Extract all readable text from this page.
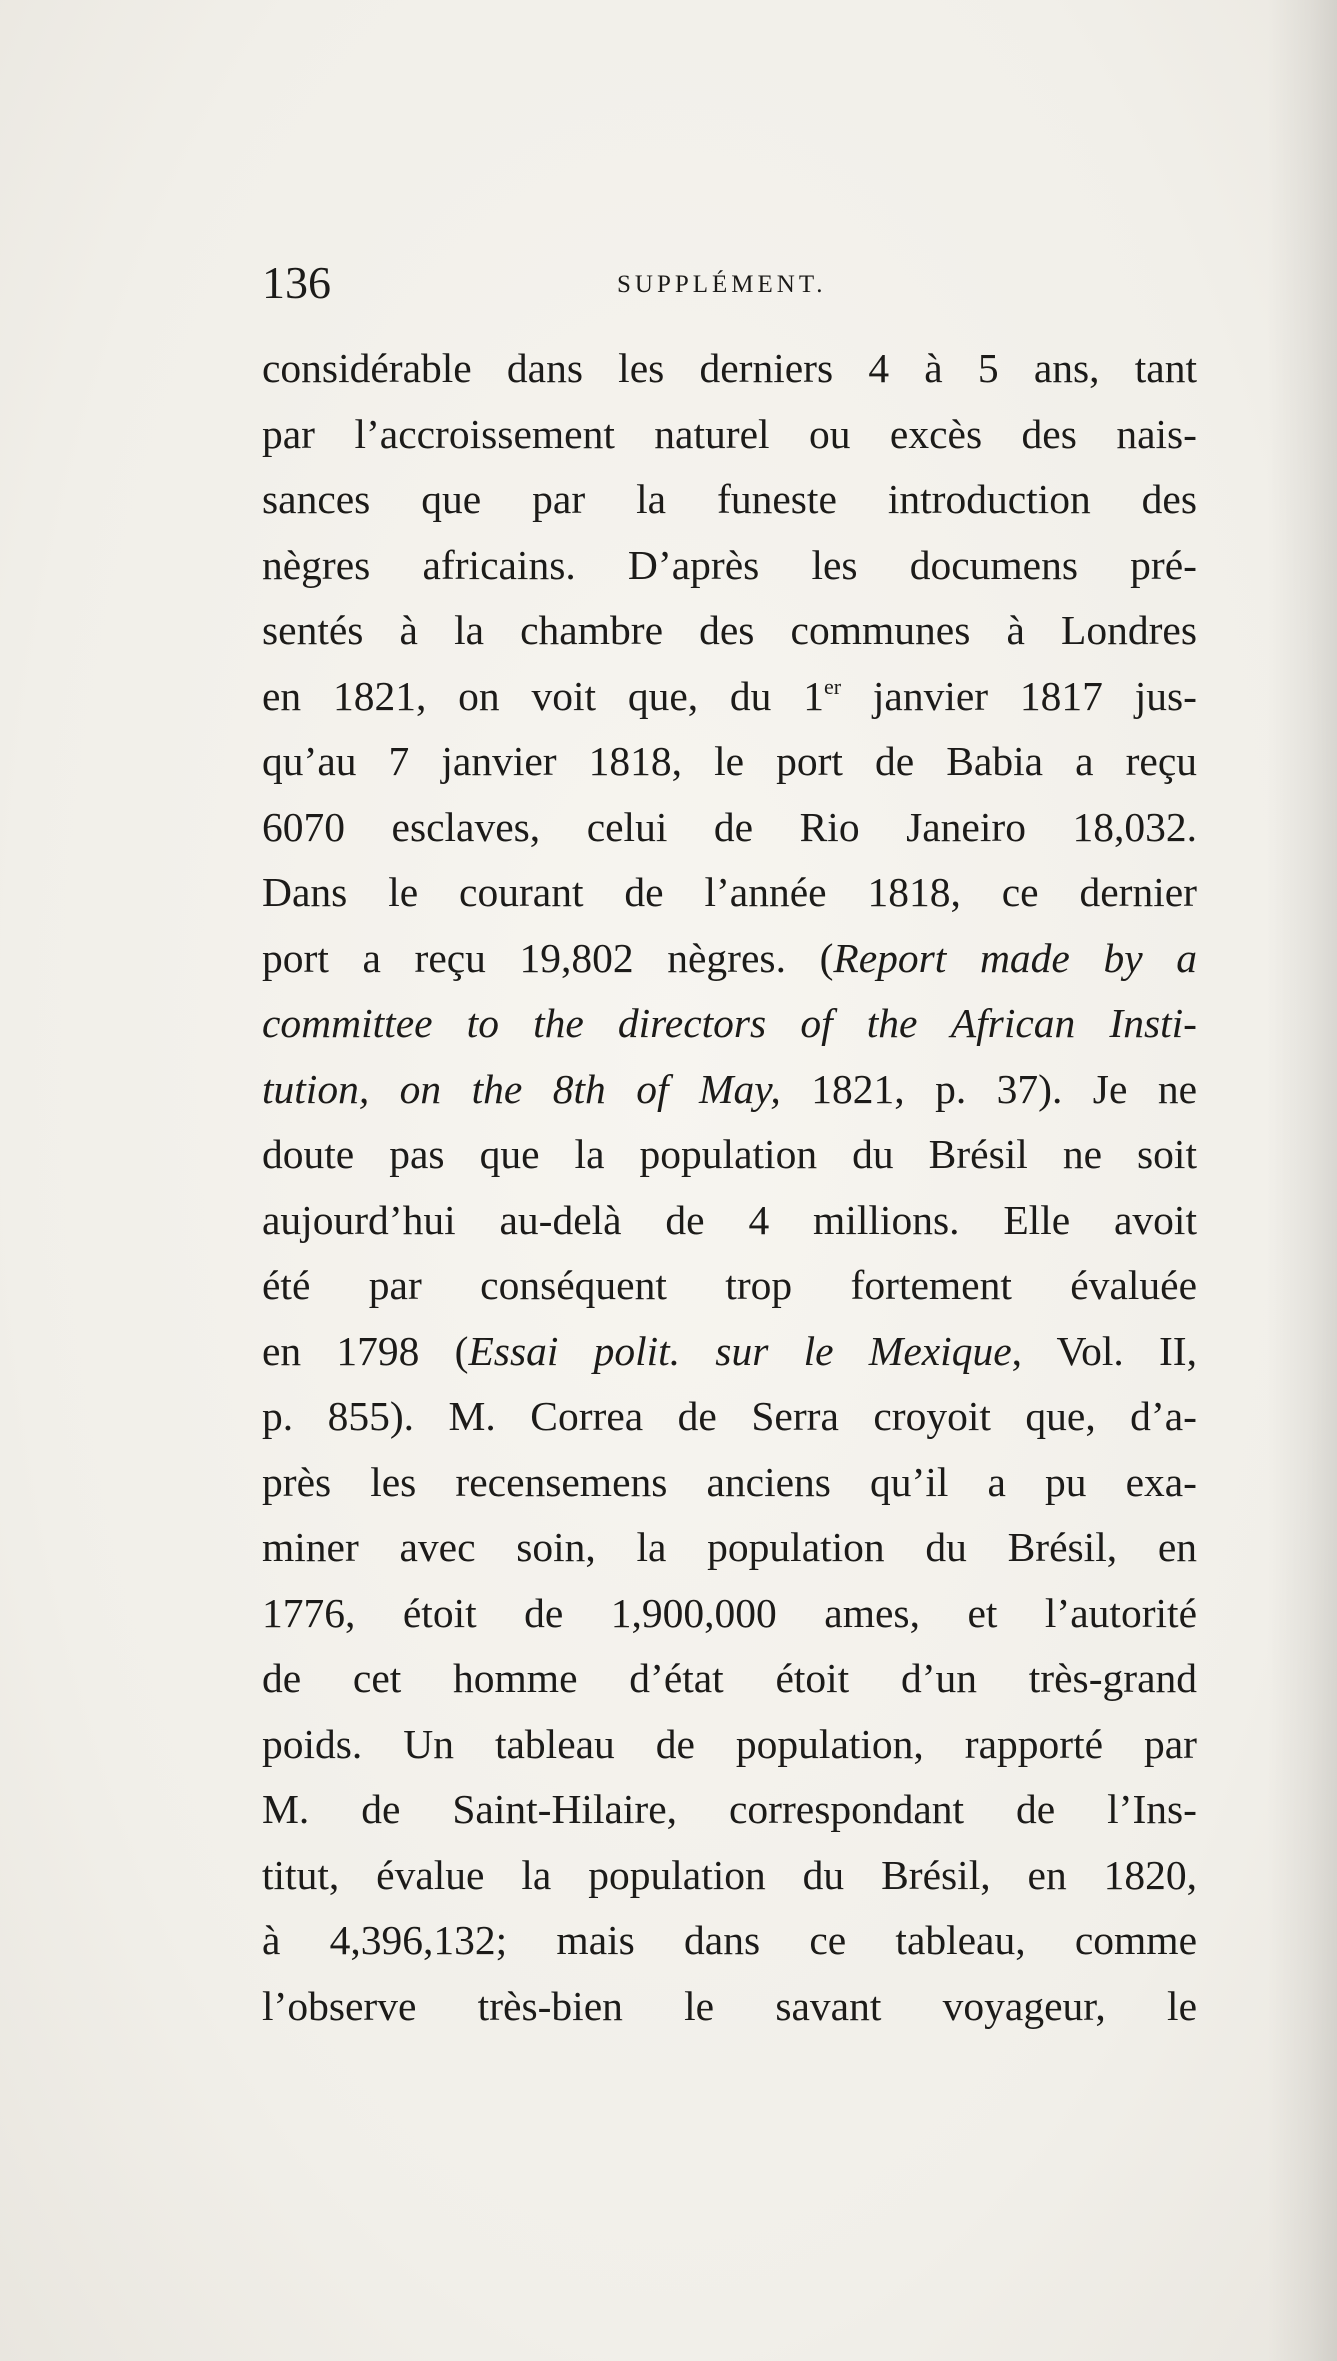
136	SUPPLÉMENT.
considérable dans les derniers 4 à 5 ans, tant
par l’accroissement naturel ou excès des nais-
sances que par la funeste introduction des
nègres africains. D’après les documens pré-
sentés à la chambre des communes à Londres
en 1821, on voit que, du 1er janvier 1817 jus-
qu’au 7 janvier 1818, le port de Babia a reçu
6070 esclaves, celui de Rio Janeiro 18,032.
Dans le courant de l’année 1818, ce dernier
port a reçu 19,802 nègres. (Report made by a
committee to the directors of the African Insti-
tution, on the 8th of May, 1821, p. 37). Je ne
doute pas que la population du Brésil ne soit
aujourd’hui au-delà de 4 millions. Elle avoit
été par conséquent trop fortement évaluée
en 1798 (Essai polit. sur le Mexique, Vol. II,
p. 855). M. Correa de Serra croyoit que, d’a-
près les recensemens anciens qu’il a pu exa-
miner avec soin, la population du Brésil, en
1776, étoit de 1,900,000 ames, et l’autorité
de cet homme d’état étoit d’un très-grand
poids. Un tableau de population, rapporté par
M. de Saint-Hilaire, correspondant de l’Ins-
titut, évalue la population du Brésil, en 1820,
à 4,396,132; mais dans ce tableau, comme
l’observe très-bien le savant voyageur, le
